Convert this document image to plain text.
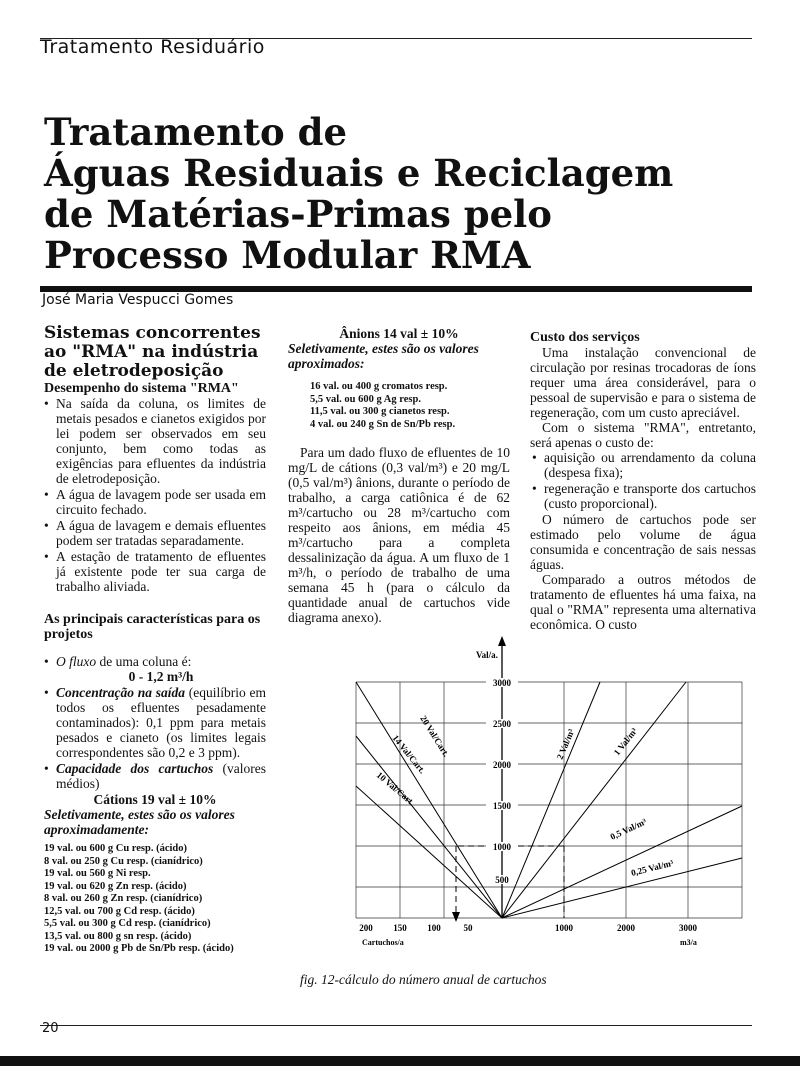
Tratamento Residuário
Tratamento de
Águas Residuais e Reciclagem
de Matérias-Primas pelo
Processo Modular RMA
José Maria Vespucci Gomes

Sistemas concorrentes ao "RMA" na indústria de eletrodeposição

Desempenho do sistema "RMA"

• Na saída da coluna, os limites de metais pesados e cianetos exigidos por lei podem ser observados em seu conjunto, bem como todas as exigências para efluentes da indústria de eletrodeposição.
• A água de lavagem pode ser usada em circuito fechado.
• A água de lavagem e demais efluentes podem ser tratadas separadamente.
• A estação de tratamento de efluentes já existente pode ter sua carga de trabalho aliviada.

As principais características para os projetos

• O fluxo de uma coluna é:
0 - 1,2 m³/h
• Concentração na saída (equilíbrio em todos os efluentes pesadamente contaminados): 0,1 ppm para metais pesados e cianeto (os limites legais correspondentes são 0,2 e 3 ppm).
• Capacidade dos cartuchos (valores médios)
Cátions 19 val ± 10%
Seletivamente, estes são os valores aproximadamente:
19 val. ou 600 g Cu resp. (ácido)
8 val. ou 250 g Cu resp. (cianídrico)
19 val. ou 560 g Ni resp.
19 val. ou 620 g Zn resp. (ácido)
8 val. ou 260 g Zn resp. (cianídrico)
12,5 val. ou 700 g Cd resp. (ácido)
5,5 val. ou 300 g Cd resp. (cianídrico)
13,5 val. ou 800 g sn resp. (ácido)
19 val. ou 2000 g Pb de Sn/Pb resp. (ácido)
Ânions 14 val ± 10%
Seletivamente, estes são os valores aproximados:
16 val. ou 400 g cromatos resp.
5,5 val. ou 600 g Ag resp.
11,5 val. ou 300 g cianetos resp.
4 val. ou 240 g Sn de Sn/Pb resp.

Para um dado fluxo de efluentes de 10 mg/L de cátions (0,3 val/m³) e 20 mg/L (0,5 val/m³) ânions, durante o período de trabalho, a carga catiônica é de 62 m³/cartucho ou 28 m³/cartucho com respeito aos ânions, em média 45 m³/cartucho para a completa dessalinização da água. A um fluxo de 1 m³/h, o período de trabalho de uma semana 45 h (para o cálculo da quantidade anual de cartuchos vide diagrama anexo).

Custo dos serviços

Uma instalação convencional de circulação por resinas trocadoras de íons requer uma área considerável, para o pessoal de supervisão e para o sistema de regeneração, com um custo apreciável.

Com o sistema "RMA", entretanto, será apenas o custo de:

• aquisição ou arrendamento da coluna (despesa fixa);
• regeneração e transporte dos cartuchos (custo proporcional).

O número de cartuchos pode ser estimado pelo volume de água consumida e concentração de sais nessas águas.

Comparado a outros métodos de tratamento de efluentes há uma faixa, na qual o "RMA" representa uma alternativa econômica. O custo

Val/a.
3000
2500
2000
1500
1000
500
200 150 100	50
Cartuchos/a
1000	2000	3000
m3/a
20 Val/Cart.
14 Val/Cart.
10 Val/Cart.
2 Val/m³	1 Val/m³
0,5 Val/m³
0,25 Val/m³
fig. 12-cálculo do número anual de cartuchos
20
